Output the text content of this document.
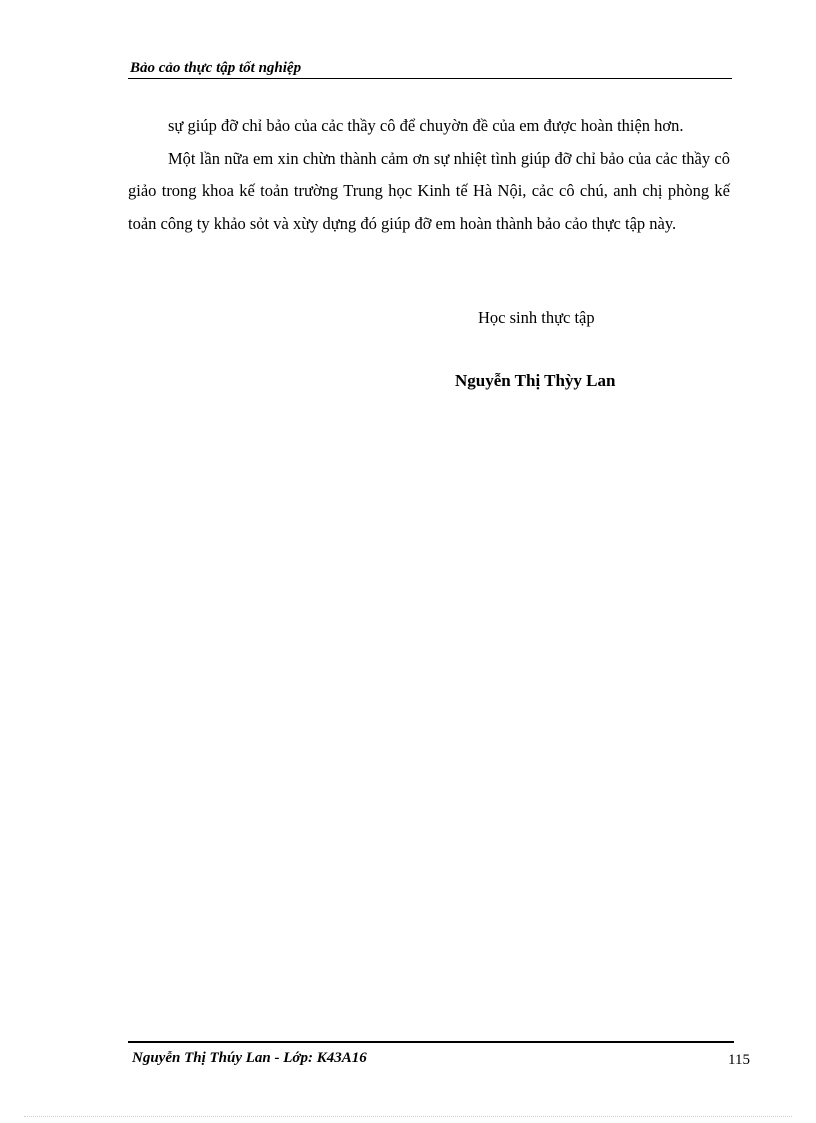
Bảo cảo thực tập tốt nghiệp

sự giúp đỡ chỉ bảo của cảc thầy cô để chuyờn đề của em được hoàn thiện hơn.

Một lần nữa em xin chừn thành cảm ơn sự nhiệt tình giúp đỡ chỉ bảo của cảc thầy cô giảo trong khoa kế toản trường Trung học Kinh tế Hà Nội, cảc cô chú, anh chị phòng kế toản công ty khảo sỏt và xừy dựng đó giúp đỡ em hoàn thành bảo cảo thực tập này.

Học sinh thực tập
Nguyễn Thị Thỳy Lan
Nguyễn Thị Thúy Lan - Lớp: K43A16	115
